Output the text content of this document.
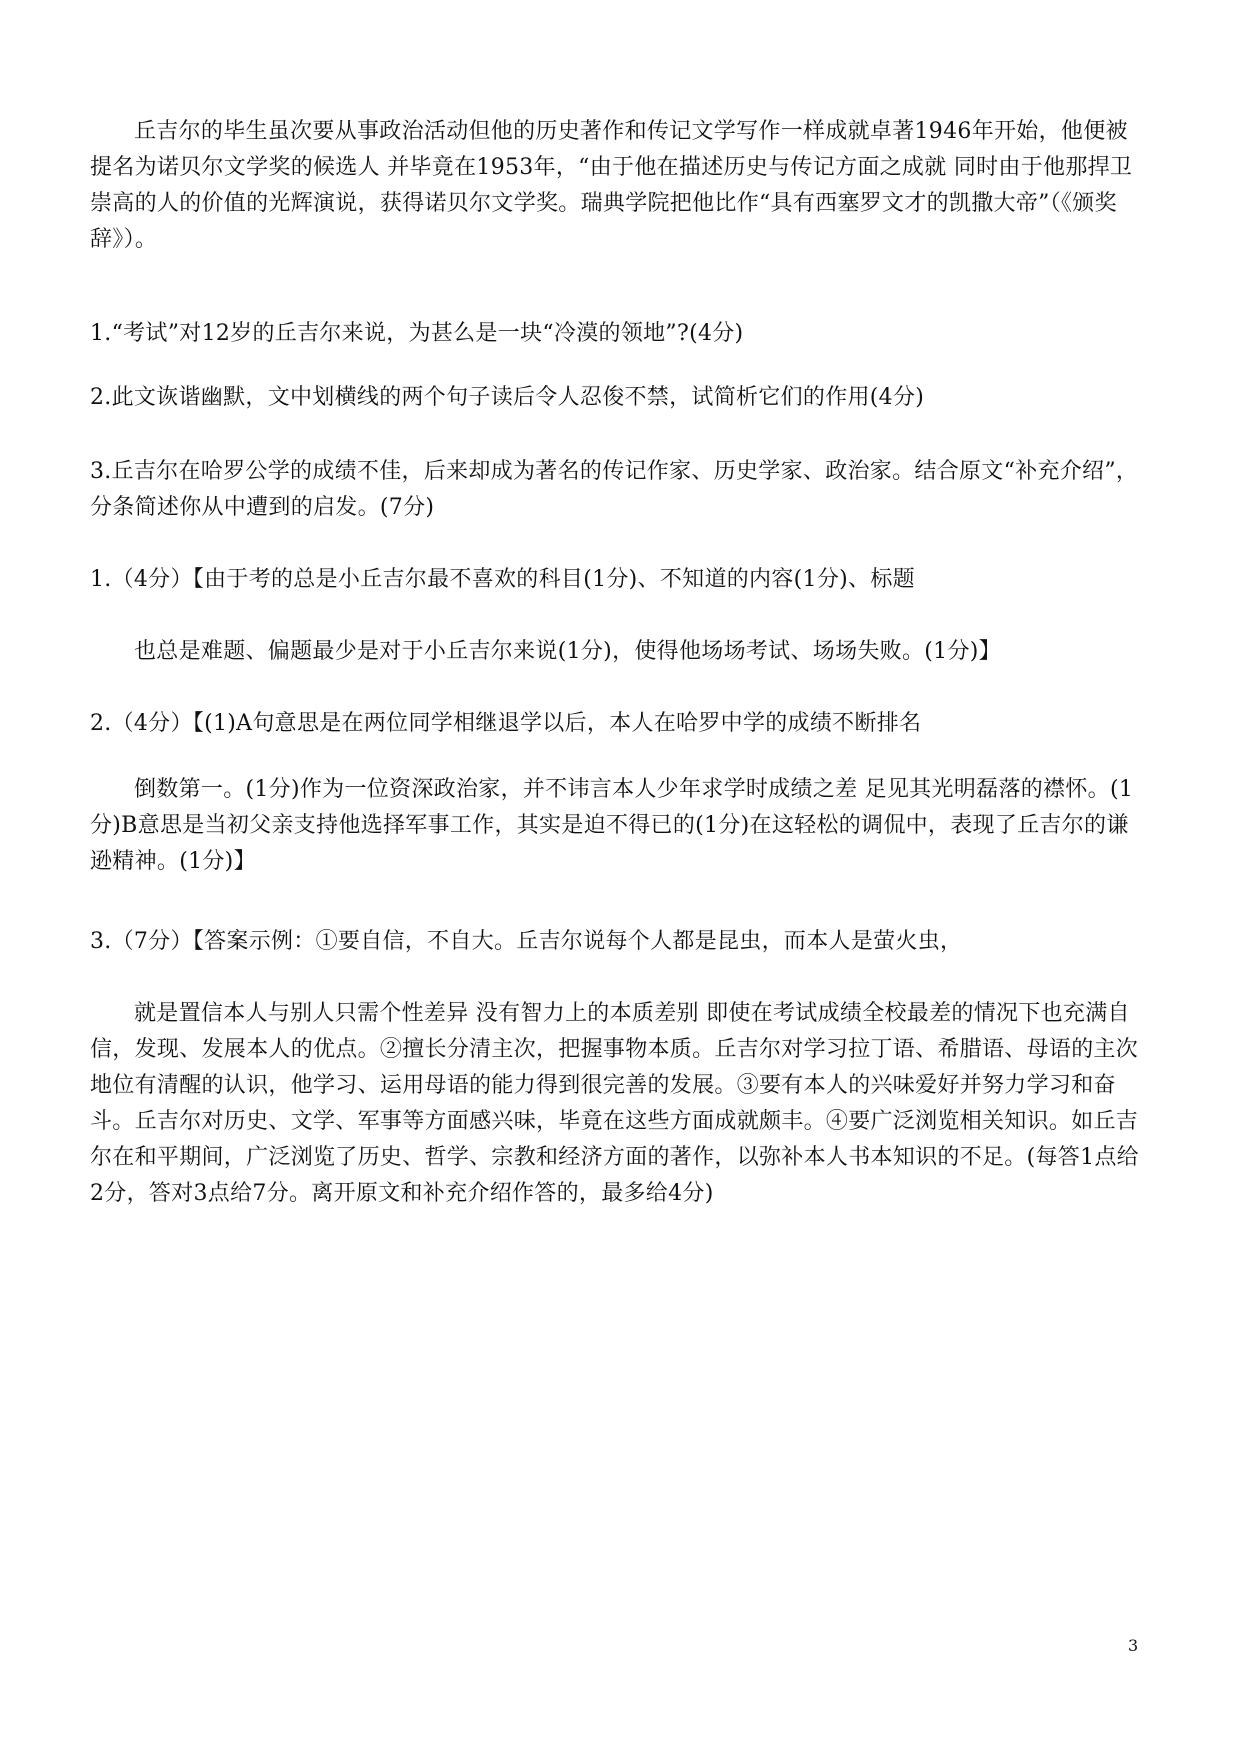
丘吉尔的毕生虽次要从事政治活动但他的历史著作和传记文学写作一样成就卓著1946年开始，他便被提名为诺贝尔文学奖的候选人 并毕竟在1953年，“由于他在描述历史与传记方面之成就 同时由于他那捍卫崇高的人的价值的光辉演说，获得诺贝尔文学奖。瑞典学院把他比作“具有西塞罗文才的凯撒大帝”（《颁奖辞》）。

1.“考试”对12岁的丘吉尔来说，为甚么是一块“冷漠的领地”?(4分)

2.此文诙谐幽默，文中划横线的两个句子读后令人忍俊不禁，试简析它们的作用(4分)

3.丘吉尔在哈罗公学的成绩不佳，后来却成为著名的传记作家、历史学家、政治家。结合原文“补充介绍”，分条简述你从中遭到的启发。(7分)

1.（4分）【由于考的总是小丘吉尔最不喜欢的科目(1分)、不知道的内容(1分)、标题

也总是难题、偏题最少是对于小丘吉尔来说(1分)，使得他场场考试、场场失败。(1分)】

2.（4分）【(1)A句意思是在两位同学相继退学以后，本人在哈罗中学的成绩不断排名

倒数第一。(1分)作为一位资深政治家，并不讳言本人少年求学时成绩之差 足见其光明磊落的襟怀。(1分)B意思是当初父亲支持他选择军事工作，其实是迫不得已的(1分)在这轻松的调侃中，表现了丘吉尔的谦逊精神。(1分)】

3.（7分）【答案示例：①要自信，不自大。丘吉尔说每个人都是昆虫，而本人是萤火虫，

就是置信本人与别人只需个性差异 没有智力上的本质差别 即使在考试成绩全校最差的情况下也充满自信，发现、发展本人的优点。②擅长分清主次，把握事物本质。丘吉尔对学习拉丁语、希腊语、母语的主次地位有清醒的认识，他学习、运用母语的能力得到很完善的发展。③要有本人的兴味爱好并努力学习和奋斗。丘吉尔对历史、文学、军事等方面感兴味，毕竟在这些方面成就颇丰。④要广泛浏览相关知识。如丘吉尔在和平期间，广泛浏览了历史、哲学、宗教和经济方面的著作，以弥补本人书本知识的不足。(每答1点给2分，答对3点给7分。离开原文和补充介绍作答的，最多给4分)

3
